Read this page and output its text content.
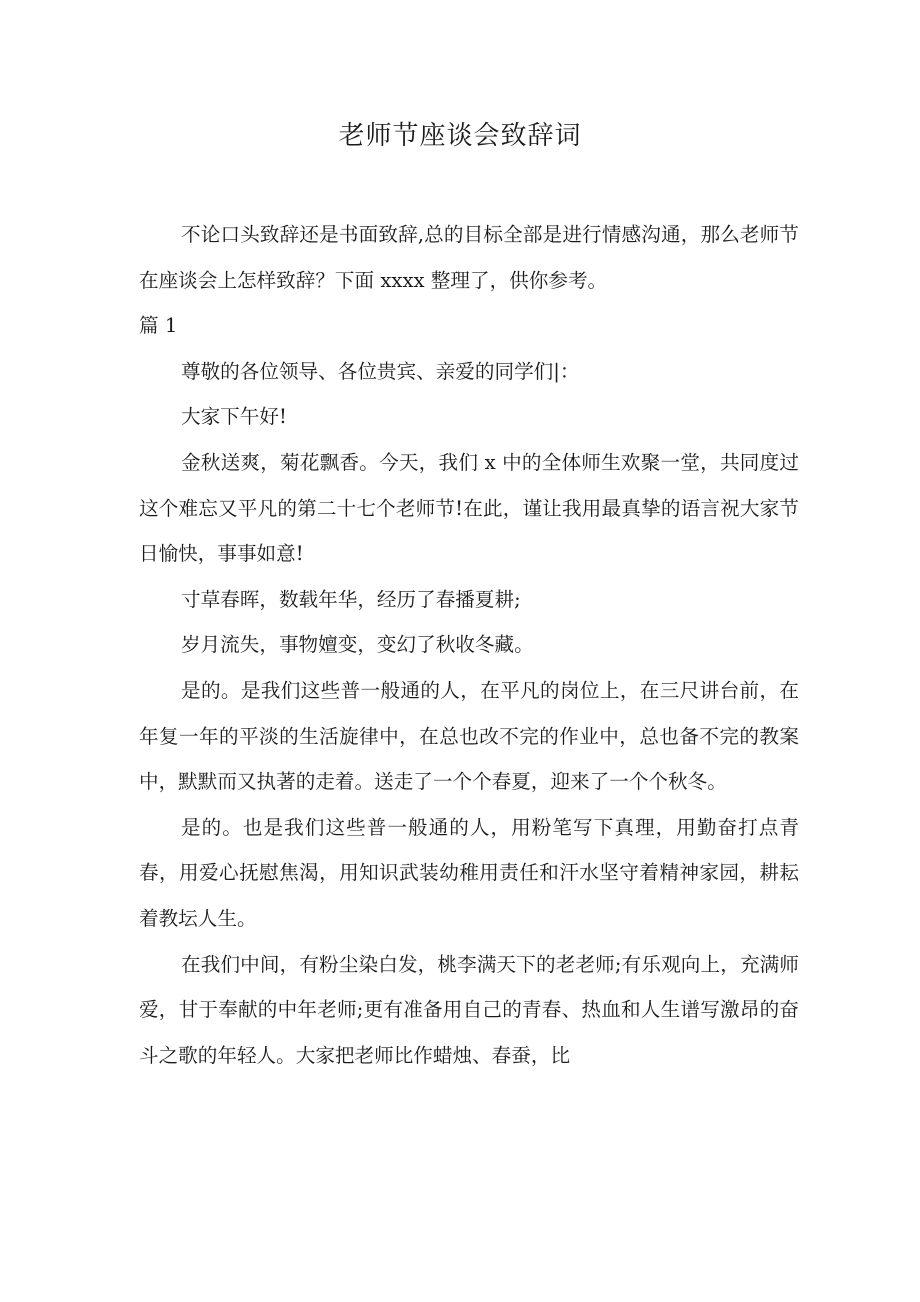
老师节座谈会致辞词

不论口头致辞还是书面致辞,总的目标全部是进行情感沟通，那么老师节在座谈会上怎样致辞？下面 xxxx 整理了，供你参考。

篇 1

尊敬的各位领导、各位贵宾、亲爱的同学们|：

大家下午好!

金秋送爽，菊花飘香。今天，我们 x 中的全体师生欢聚一堂，共同度过这个难忘又平凡的第二十七个老师节!在此，谨让我用最真挚的语言祝大家节日愉快，事事如意!

寸草春晖，数载年华，经历了春播夏耕;

岁月流失，事物嬗变，变幻了秋收冬藏。

是的。是我们这些普一般通的人，在平凡的岗位上，在三尺讲台前，在年复一年的平淡的生活旋律中，在总也改不完的作业中，总也备不完的教案中，默默而又执著的走着。送走了一个个春夏，迎来了一个个秋冬。

是的。也是我们这些普一般通的人，用粉笔写下真理，用勤奋打点青春，用爱心抚慰焦渴，用知识武装幼稚用责任和汗水坚守着精神家园，耕耘着教坛人生。

在我们中间，有粉尘染白发，桃李满天下的老老师;有乐观向上，充满师爱，甘于奉献的中年老师;更有准备用自己的青春、热血和人生谱写激昂的奋斗之歌的年轻人。大家把老师比作蜡烛、春蚕，比
